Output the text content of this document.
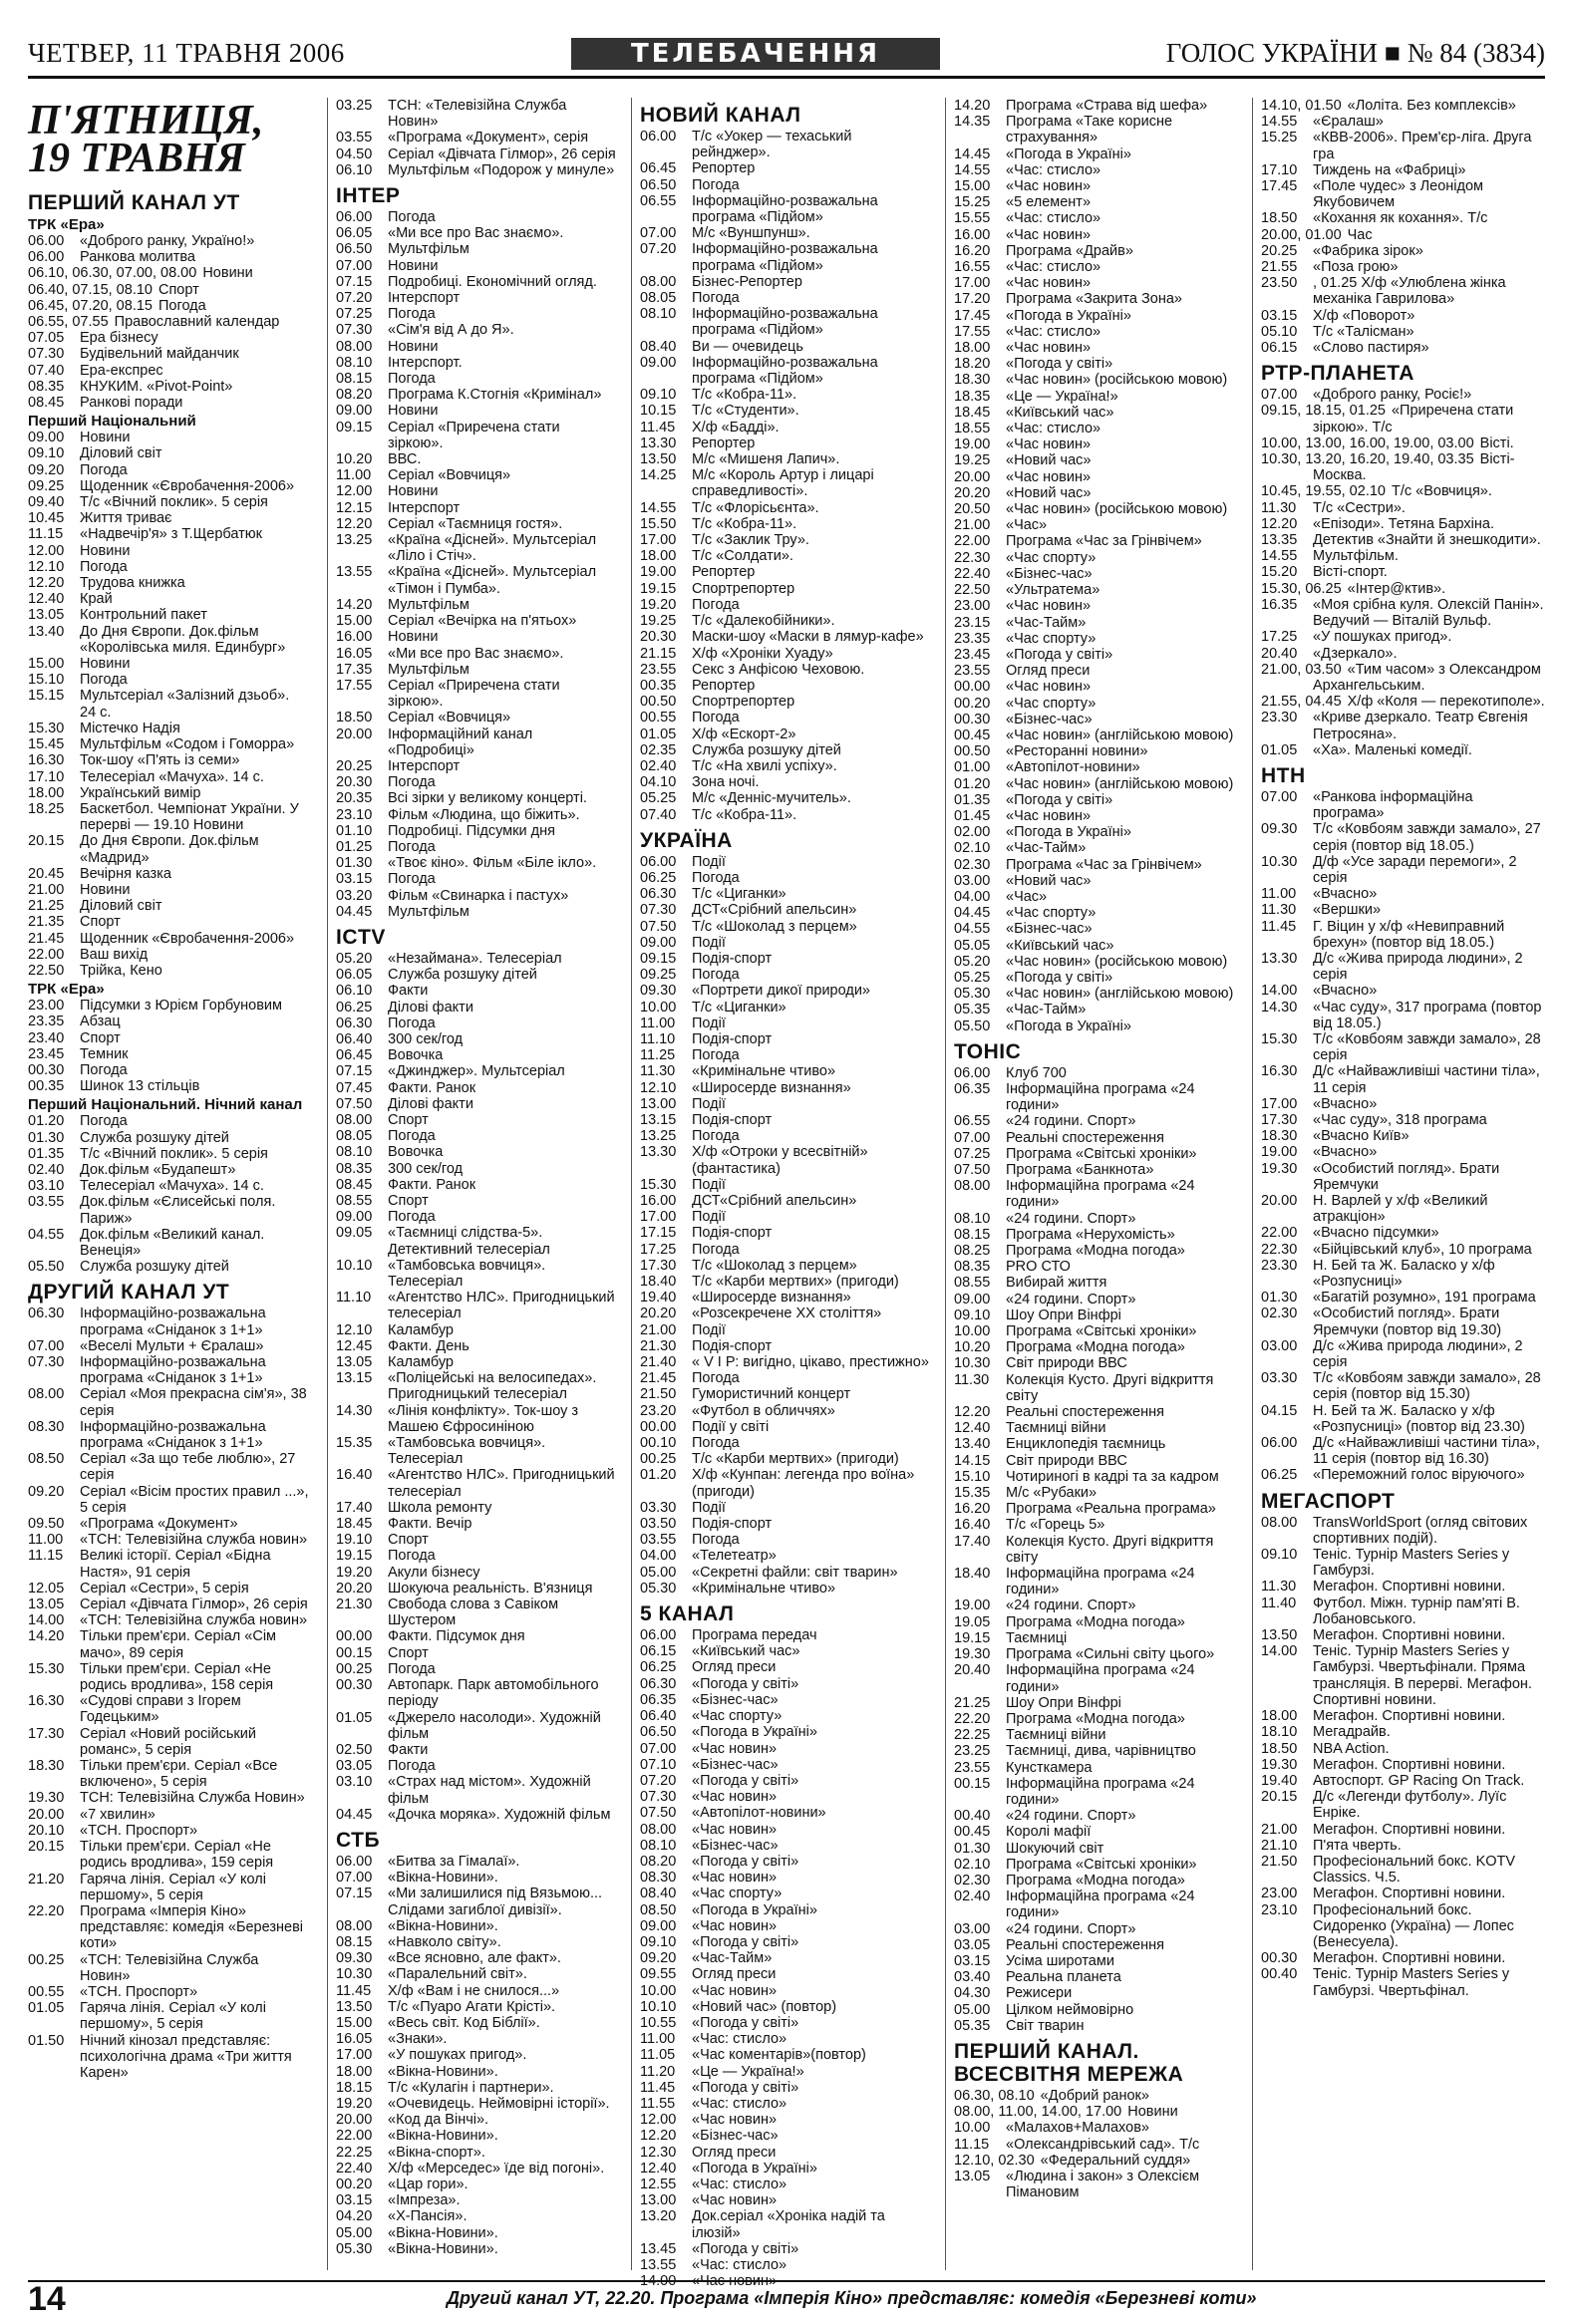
ЧЕТВЕР, 11 ТРАВНЯ 2006	ТЕЛЕБАЧЕННЯ	ГОЛОС УКРАЇНИ ■ № 84 (3834)
П'ЯТНИЦЯ, 19 ТРАВНЯ
ПЕРШИЙ КАНАЛ УТ
ТРК «Ера»
06.00 «Доброго ранку, Україно!»
06.00 Ранкова молитва
06.10, 06.30, 07.00, 08.00 Новини
06.40, 07.15, 08.10 Спорт
06.45, 07.20, 08.15 Погода
06.55, 07.55 Православний календар
07.05 Ера бізнесу
07.30 Будівельний майданчик
07.40 Ера-експрес
08.35 КНУКИМ. «Pivot-Point»
08.45 Ранкові поради
Перший Національний
09.00 Новини
09.10 Діловий світ
09.20 Погода
09.25 Щоденник «Євробачення-2006»
09.40 Т/с «Вічний поклик». 5 серія
10.45 Життя триває
11.15 «Надвечір'я» з Т.Щербатюк
12.00 Новини
12.10 Погода
12.20 Трудова книжка
12.40 Край
13.05 Контрольний пакет
13.40 До Дня Європи. Док.фільм «Королівська миля. Единбург»
15.00 Новини
15.10 Погода
15.15 Мультсеріал «Залізний дзьоб». 24 с.
15.30 Містечко Надія
15.45 Мультфільм «Содом і Гоморра»
16.30 Ток-шоу «П'ять із семи»
17.10 Телесеріал «Мачуха». 14 с.
18.00 Український вимір
18.25 Баскетбол. Чемпіонат України. У перерві — 19.10 Новини
20.15 До Дня Європи. Док.фільм «Мадрид»
20.45 Вечірня казка
21.00 Новини
21.25 Діловий світ
21.35 Спорт
21.45 Щоденник «Євробачення-2006»
22.00 Ваш вихід
22.50 Трійка, Кено
ТРК «Ера»
23.00 Підсумки з Юрієм Горбуновим
23.35 Абзац
23.40 Спорт
23.45 Темник
00.30 Погода
00.35 Шинок 13 стільців
Перший Національний. Нічний канал
01.20 Погода
01.30 Служба розшуку дітей
01.35 Т/с «Вічний поклик». 5 серія
02.40 Док.фільм «Будапешт»
03.10 Телесеріал «Мачуха». 14 с.
03.55 Док.фільм «Єлисейські поля. Париж»
04.55 Док.фільм «Великий канал. Венеція»
05.50 Служба розшуку дітей
ДРУГИЙ КАНАЛ УТ
06.30 Інформаційно-розважальна програма «Сніданок з 1+1»
07.00 «Веселі Мульти + Єралаш»
07.30 Інформаційно-розважальна програма «Сніданок з 1+1»
08.00 Серіал «Моя прекрасна сім'я», 38 серія
08.30 Інформаційно-розважальна програма «Сніданок з 1+1»
08.50 Серіал «За що тебе люблю», 27 серія
09.20 Серіал «Вісім простих правил ...», 5 серія
09.50 «Програма «Документ»
11.00 «ТСН: Телевізійна служба новин»
11.15 Великі історії. Серіал «Бідна Настя», 91 серія
12.05 Серіал «Сестри», 5 серія
13.05 Серіал «Дівчата Гілмор», 26 серія
14.00 «ТСН: Телевізійна служба новин»
14.20 Тільки прем'єри. Серіал «Сім мачо», 89 серія
15.30 Тільки прем'єри. Серіал «Не родись вродлива», 158 серія
16.30 «Судові справи з Ігорем Годецьким»
17.30 Серіал «Новий російський романс», 5 серія
18.30 Тільки прем'єри. Серіал «Все включено», 5 серія
19.30 ТСН: Телевізійна Служба Новин»
20.00 «7 хвилин»
20.10 «ТСН. Проспорт»
20.15 Тільки прем'єри. Серіал «Не родись вродлива», 159 серія
21.20 Гаряча лінія. Серіал «У колі першому», 5 серія
22.20 Програма «Імперія Кіно» представляє: комедія «Березневі коти»
00.25 «ТСН: Телевізійна Служба Новин»
00.55 «ТСН. Проспорт»
01.05 Гаряча лінія. Серіал «У колі першому», 5 серія
01.50 Нічний кінозал представляє: психологічна драма «Три життя Карен»
03.25 ТСН: «Телевізійна Служба Новин»
03.55 «Програма «Документ», серія
04.50 Серіал «Дівчата Гілмор», 26 серія
06.10 Мультфільм «Подорож у минуле»
ІНТЕР
06.00 Погода
06.05 «Ми все про Вас знаємо».
06.50 Мультфільм
07.00 Новини
07.15 Подробиці. Економічний огляд.
07.20 Інтерспорт
07.25 Погода
07.30 «Сім'я від А до Я».
08.00 Новини
08.10 Інтерспорт.
08.15 Погода
08.20 Програма К.Стогнія «Кримінал»
09.00 Новини
09.15 Серіал «Приречена стати зіркою».
10.20 ВВС.
11.00 Серіал «Вовчиця»
12.00 Новини
12.15 Інтерспорт
12.20 Серіал «Таємниця гостя».
13.25 «Країна «Дісней». Мультсеріал «Ліло і Стіч».
13.55 «Країна «Дісней». Мультсеріал «Тімон і Пумба».
14.20 Мультфільм
15.00 Серіал «Вечірка на п'ятьох»
16.00 Новини
16.05 «Ми все про Вас знаємо».
17.35 Мультфільм
17.55 Серіал «Приречена стати зіркою».
18.50 Серіал «Вовчиця»
20.00 Інформаційний канал «Подробиці»
20.25 Інтерспорт
20.30 Погода
20.35 Всі зірки у великому концерті.
23.10 Фільм «Людина, що біжить».
01.10 Подробиці. Підсумки дня
01.25 Погода
01.30 «Твоє кіно». Фільм «Біле ікло».
03.15 Погода
03.20 Фільм «Свинарка і пастух»
04.45 Мультфільм
ICTV
05.20 «Незаймана». Телесеріал
06.05 Служба розшуку дітей
06.10 Факти
06.25 Ділові факти
06.30 Погода
06.40 300 сек/год
06.45 Вовочка
07.15 «Джинджер». Мультсеріал
07.45 Факти. Ранок
07.50 Ділові факти
08.00 Спорт
08.05 Погода
08.10 Вовочка
08.35 300 сек/год
08.45 Факти. Ранок
08.55 Спорт
09.00 Погода
09.05 «Таємниці слідства-5». Детективний телесеріал
10.10 «Тамбовська вовчиця». Телесеріал
11.10 «Агентство НЛС». Пригодницький телесеріал
12.10 Каламбур
12.45 Факти. День
13.05 Каламбур
13.15 «Поліцейські на велосипедах». Пригодницький телесеріал
14.30 «Лінія конфлікту». Ток-шоу з Машею Єфросиніною
15.35 «Тамбовська вовчиця». Телесеріал
16.40 «Агентство НЛС». Пригодницький телесеріал
17.40 Школа ремонту
18.45 Факти. Вечір
19.10 Спорт
19.15 Погода
19.20 Акули бізнесу
20.20 Шокуюча реальність. В'язниця
21.30 Свобода слова з Савіком Шустером
00.00 Факти. Підсумок дня
00.15 Спорт
00.25 Погода
00.30 Автопарк. Парк автомобільного періоду
01.05 «Джерело насолоди». Художній фільм
02.50 Факти
03.05 Погода
03.10 «Страх над містом». Художній фільм
04.45 «Дочка моряка». Художній фільм
СТБ
06.00 «Битва за Гімалаї».
07.00 «Вікна-Новини».
07.15 «Ми залишилися під Вязьмою... Слідами загиблої дивізії».
08.00 «Вікна-Новини».
08.15 «Навколо світу».
09.30 «Все ясновно, але факт».
10.30 «Паралельний світ».
11.45 Х/ф «Вам і не снилося...»
13.50 Т/с «Пуаро Агати Крісті».
15.00 «Весь світ. Код Біблії».
16.05 «Знаки».
17.00 «У пошуках пригод».
18.00 «Вікна-Новини».
18.15 Т/с «Кулагін і партнери».
19.20 «Очевидець. Неймовірні історії».
20.00 «Код да Вінчі».
22.00 «Вікна-Новини».
22.25 «Вікна-спорт».
22.40 Х/ф «Мерседес» їде від погоні».
00.20 «Цар гори».
03.15 «Імпреза».
04.20 «Х-Пансія».
05.00 «Вікна-Новини».
05.30 «Вікна-Новини».
НОВИЙ КАНАЛ
06.00 Т/с «Уокер — техаський рейнджер».
06.45 Репортер
06.50 Погода
06.55 Інформаційно-розважальна програма «Підйом»
07.00 М/с «Вуншпунш».
07.20 Інформаційно-розважальна програма «Підйом»
08.00 Бізнес-Репортер
08.05 Погода
08.10 Інформаційно-розважальна програма «Підйом»
08.40 Ви — очевидець
09.00 Інформаційно-розважальна програма «Підйом»
09.10 Т/с «Кобра-11».
10.15 Т/с «Студенти».
11.45 Х/ф «Бадді».
13.30 Репортер
13.50 М/с «Мишеня Лапич».
14.25 М/с «Король Артур і лицарі справедливості».
14.55 Т/с «Флорісьєнта».
15.50 Т/с «Кобра-11».
17.00 Т/с «Заклик Тру».
18.00 Т/с «Солдати».
19.00 Репортер
19.15 Спортрепортер
19.20 Погода
19.25 Т/с «Далекобійники».
20.30 Маски-шоу «Маски в лямур-кафе»
21.15 Х/ф «Хроніки Хуаду»
23.55 Секс з Анфісою Чеховою.
00.35 Репортер
00.50 Спортрепортер
00.55 Погода
01.05 Х/ф «Ескорт-2»
02.35 Служба розшуку дітей
02.40 Т/с «На хвилі успіху».
04.10 Зона ночі.
05.25 М/с «Денніс-мучитель».
07.40 Т/с «Кобра-11».
УКРАЇНА
06.00 Події
06.25 Погода
06.30 Т/с «Циганки»
07.30 ДСТ«Срібний апельсин»
07.50 Т/с «Шоколад з перцем»
09.00 Події
09.15 Подія-спорт
09.25 Погода
09.30 «Портрети дикої природи»
10.00 Т/с «Циганки»
11.00 Події
11.10 Подія-спорт
11.25 Погода
11.30 «Кримінальне чтиво»
12.10 «Широсерде визнання»
13.00 Події
13.15 Подія-спорт
13.25 Погода
13.30 Х/ф «Отроки у всесвітній» (фантастика)
15.30 Події
16.00 ДСТ«Срібний апельсин»
17.00 Події
17.15 Подія-спорт
17.25 Погода
17.30 Т/с «Шоколад з перцем»
18.40 Т/с «Карби мертвих» (пригоди)
19.40 «Широсерде визнання»
20.20 «Розсекречене XX століття»
21.00 Події
21.30 Подія-спорт
21.40 « V І Р: вигідно, цікаво, престижно»
21.45 Погода
21.50 Гумористичний концерт
23.20 «Футбол в обличчях»
00.00 Події у світі
00.10 Погода
00.25 Т/с «Карби мертвих» (пригоди)
01.20 Х/ф «Кунпан: легенда про воїна» (пригоди)
03.30 Події
03.50 Подія-спорт
03.55 Погода
04.00 «Телетеатр»
05.00 «Секретні файли: світ тварин»
05.30 «Кримінальне чтиво»
5 КАНАЛ
06.00 Програма передач
06.15 «Київський час»
06.25 Огляд преси
06.30 «Погода у світі»
06.35 «Бізнес-час»
06.40 «Час спорту»
06.50 «Погода в Україні»
07.00 «Час новин»
07.10 «Бізнес-час»
07.20 «Погода у світі»
07.30 «Час новин»
07.50 «Автопілот-новини»
08.00 «Час новин»
08.10 «Бізнес-час»
08.20 «Погода у світі»
08.30 «Час новин»
08.40 «Час спорту»
08.50 «Погода в Україні»
09.00 «Час новин»
09.10 «Погода у світі»
09.20 «Час-Тайм»
09.55 Огляд преси
10.00 «Час новин»
10.10 «Новий час» (повтор)
10.55 «Погода у світі»
11.00 «Час: стисло»
11.05 «Час коментарів»(повтор)
11.20 «Це — Україна!»
11.45 «Погода у світі»
11.55 «Час: стисло»
12.00 «Час новин»
12.20 «Бізнес-час»
12.30 Огляд преси
12.40 «Погода в Україні»
12.55 «Час: стисло»
13.00 «Час новин»
13.20 Док.серіал «Хроніка надій та ілюзій»
13.45 «Погода у світі»
13.55 «Час: стисло»
14.00 «Час новин»
14.20 Програма «Страва від шефа»
14.35 Програма «Таке корисне страхування»
14.45 «Погода в Україні»
14.55 «Час: стисло»
15.00 «Час новин»
15.25 «5 елемент»
15.55 «Час: стисло»
16.00 «Час новин»
16.20 Програма «Драйв»
16.55 «Час: стисло»
17.00 «Час новин»
17.20 Програма «Закрита Зона»
17.45 «Погода в Україні»
17.55 «Час: стисло»
18.00 «Час новин»
18.20 «Погода у світі»
18.30 «Час новин» (російською мовою)
18.35 «Це — Україна!»
18.45 «Київський час»
18.55 «Час: стисло»
19.00 «Час новин»
19.25 «Новий час»
20.00 «Час новин»
20.20 «Новий час»
20.50 «Час новин» (російською мовою)
21.00 «Час»
22.00 Програма «Час за Грінвічем»
22.30 «Час спорту»
22.40 «Бізнес-час»
22.50 «Ультратема»
23.00 «Час новин»
23.15 «Час-Тайм»
23.35 «Час спорту»
23.45 «Погода у світі»
23.55 Огляд преси
00.00 «Час новин»
00.20 «Час спорту»
00.30 «Бізнес-час»
00.45 «Час новин» (англійською мовою)
00.50 «Ресторанні новини»
01.00 «Автопілот-новини»
01.20 «Час новин» (англійською мовою)
01.35 «Погода у світі»
01.45 «Час новин»
02.00 «Погода в Україні»
02.10 «Час-Тайм»
02.30 Програма «Час за Грінвічем»
03.00 «Новий час»
04.00 «Час»
04.45 «Час спорту»
04.55 «Бізнес-час»
05.05 «Київський час»
05.20 «Час новин» (російською мовою)
05.25 «Погода у світі»
05.30 «Час новин» (англійською мовою)
05.35 «Час-Тайм»
05.50 «Погода в Україні»
ТОНІС
06.00 Клуб 700
06.35 Інформаційна програма «24 години»
06.55 «24 години. Спорт»
07.00 Реальні спостереження
07.25 Програма «Світські хроніки»
07.50 Програма «Банкнота»
08.00 Інформаційна програма «24 години»
08.10 «24 години. Спорт»
08.15 Програма «Нерухомість»
08.25 Програма «Модна погода»
08.35 PRO СТО
08.55 Вибирай життя
09.00 «24 години. Спорт»
09.10 Шоу Опри Вінфрі
10.00 Програма «Світські хроніки»
10.20 Програма «Модна погода»
10.30 Світ природи ВВС
11.30 Колекція Кусто. Другі відкриття світу
12.20 Реальні спостереження
12.40 Таємниці війни
13.40 Енциклопедія таємниць
14.15 Світ природи ВВС
15.10 Чотириногі в кадрі та за кадром
15.35 М/с «Рубаки»
16.20 Програма «Реальна програма»
16.40 Т/с «Горець 5»
17.40 Колекція Кусто. Другі відкриття світу
18.40 Інформаційна програма «24 години»
19.00 «24 години. Спорт»
19.05 Програма «Модна погода»
19.15 Таємниці
19.30 Програма «Сильні світу цього»
20.40 Інформаційна програма «24 години»
21.25 Шоу Опри Вінфрі
22.20 Програма «Модна погода»
22.25 Таємниці війни
23.25 Таємниці, дива, чарівництво
23.55 Кунсткамера
00.15 Інформаційна програма «24 години»
00.40 «24 години. Спорт»
00.45 Королі мафії
01.30 Шокуючий світ
02.10 Програма «Світські хроніки»
02.30 Програма «Модна погода»
02.40 Інформаційна програма «24 години»
03.00 «24 години. Спорт»
03.05 Реальні спостереження
03.15 Усіма широтами
03.40 Реальна планета
04.30 Режисери
05.00 Цілком неймовірно
05.35 Світ тварин
ПЕРШИЙ КАНАЛ. ВСЕСВІТНЯ МЕРЕЖА
06.30, 08.10 «Добрий ранок»
08.00, 11.00, 14.00, 17.00 Новини
10.00 «Малахов+Малахов»
11.15 «Олександрівський сад». Т/с
12.10, 02.30 «Федеральний суддя»
13.05 «Людина і закон» з Олексієм Пімановим
14.10, 01.50 «Лоліта. Без комплексів»
14.55 «Єралаш»
15.25 «КВВ-2006». Прем'єр-ліга. Друга гра
17.10 Тиждень на «Фабриці»
17.45 «Поле чудес» з Леонідом Якубовичем
18.50 «Кохання як кохання». Т/с
20.00, 01.00 Час
20.25 «Фабрика зірок»
21.55 «Поза грою»
23.50 , 01.25 Х/ф «Улюблена жінка механіка Гаврилова»
03.15 Х/ф «Поворот»
05.10 Т/с «Талісман»
06.15 «Слово пастиря»
РТР-ПЛАНЕТА
07.00 «Доброго ранку, Росіє!»
09.15, 18.15, 01.25 «Приречена стати зіркою». Т/с
10.00, 13.00, 16.00, 19.00, 03.00 Вісті.
10.30, 13.20, 16.20, 19.40, 03.35 Вісті-Москва.
10.45, 19.55, 02.10 Т/с «Вовчиця».
11.30 Т/с «Сестри».
12.20 «Епізоди». Тетяна Бархіна.
13.35 Детектив «Знайти й знешкодити».
14.55 Мультфільм.
15.20 Вісті-спорт.
15.30, 06.25 «Інтер@ктив».
16.35 «Моя срібна куля. Олексій Панін». Ведучий — Віталій Вульф.
17.25 «У пошуках пригод».
20.40 «Дзеркало».
21.00, 03.50 «Тим часом» з Олександром Архангельським.
21.55, 04.45 Х/ф «Коля — перекотиполе».
23.30 «Криве дзеркало. Театр Євгенія Петросяна».
01.05 «Ха». Маленькі комедії.
НТН
07.00 «Ранкова інформаційна програма»
09.30 Т/с «Ковбоям завжди замало», 27 серія (повтор від 18.05.)
10.30 Д/ф «Усе заради перемоги», 2 серія
11.00 «Вчасно»
11.30 «Вершки»
11.45 Г. Віцин у х/ф «Невиправний брехун» (повтор від 18.05.)
13.30 Д/с «Жива природа людини», 2 серія
14.00 «Вчасно»
14.30 «Час суду», 317 програма (повтор від 18.05.)
15.30 Т/с «Ковбоям завжди замало», 28 серія
16.30 Д/с «Найважливіші частини тіла», 11 серія
17.00 «Вчасно»
17.30 «Час суду», 318 програма
18.30 «Вчасно Київ»
19.00 «Вчасно»
19.30 «Особистий погляд». Брати Яремчуки
20.00 Н. Варлей у х/ф «Великий атракціон»
22.00 «Вчасно підсумки»
22.30 «Бійцівський клуб», 10 програма
23.30 Н. Бей та Ж. Баласко у х/ф «Розпусниці»
01.30 «Багатій розумно», 191 програма
02.30 «Особистий погляд». Брати Яремчуки (повтор від 19.30)
03.00 Д/с «Жива природа людини», 2 серія
03.30 Т/с «Ковбоям завжди замало», 28 серія (повтор від 15.30)
04.15 Н. Бей та Ж. Баласко у х/ф «Розпусниці» (повтор від 23.30)
06.00 Д/с «Найважливіші частини тіла», 11 серія (повтор від 16.30)
06.25 «Переможний голос віруючого»
МЕГАСПОРТ
08.00 TransWorldSport (огляд світових спортивних подій).
09.10 Теніс. Турнір Masters Series у Гамбурзі.
11.30 Мегафон. Спортивні новини.
11.40 Футбол. Міжн. турнір пам'яті В. Лобановського.
13.50 Мегафон. Спортивні новини.
14.00 Теніс. Турнір Masters Series у Гамбурзі. Чвертьфінали. Пряма трансляція. В перерві. Мегафон. Спортивні новини.
18.00 Мегафон. Спортивні новини.
18.10 Мегадрайв.
18.50 NBA Action.
19.30 Мегафон. Спортивні новини.
19.40 Автоспорт. GP Racing On Track.
20.15 Д/с «Легенди футболу». Луїс Енріке.
21.00 Мегафон. Спортивні новини.
21.10 П'ята чверть.
21.50 Професіональний бокс. KOTV Classics. Ч.5.
23.00 Мегафон. Спортивні новини.
23.10 Професіональний бокс. Сидоренко (Україна) — Лопес (Венесуела).
00.30 Мегафон. Спортивні новини.
00.40 Теніс. Турнір Masters Series у Гамбурзі. Чвертьфінал.
14	Другий канал УТ, 22.20. Програма «Імперія Кіно» представляє: комедія «Березневі коти»
